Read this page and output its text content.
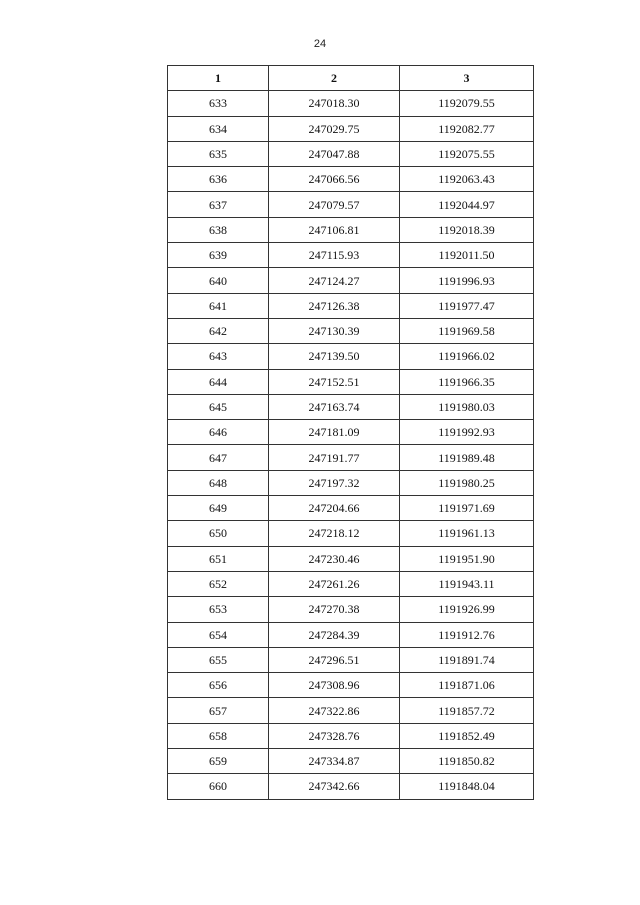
24
1	2	3
633	247018.30	1192079.55
634	247029.75	1192082.77
635	247047.88	1192075.55
636	247066.56	1192063.43
637	247079.57	1192044.97
638	247106.81	1192018.39
639	247115.93	1192011.50
640	247124.27	1191996.93
641	247126.38	1191977.47
642	247130.39	1191969.58
643	247139.50	1191966.02
644	247152.51	1191966.35
645	247163.74	1191980.03
646	247181.09	1191992.93
647	247191.77	1191989.48
648	247197.32	1191980.25
649	247204.66	1191971.69
650	247218.12	1191961.13
651	247230.46	1191951.90
652	247261.26	1191943.11
653	247270.38	1191926.99
654	247284.39	1191912.76
655	247296.51	1191891.74
656	247308.96	1191871.06
657	247322.86	1191857.72
658	247328.76	1191852.49
659	247334.87	1191850.82
660	247342.66	1191848.04
